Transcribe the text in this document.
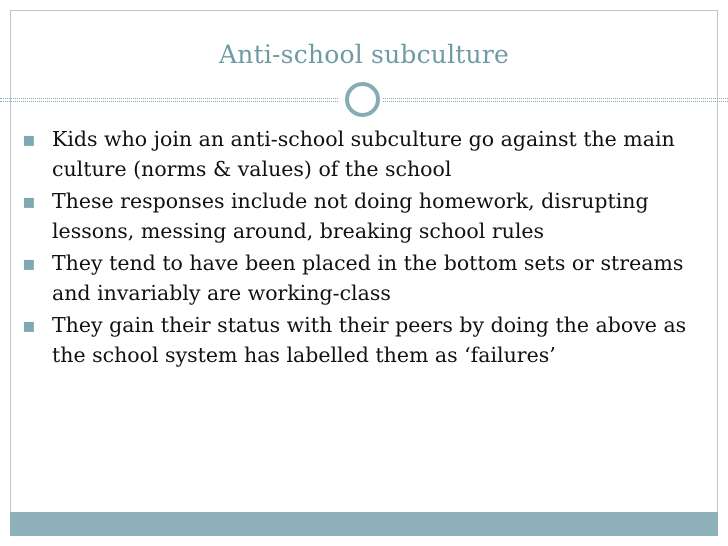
Anti-school subculture
▪ Kids who join an anti-school subculture go against the main culture (norms & values) of the school
▪ These responses include not doing homework, disrupting lessons, messing around, breaking school rules
▪ They tend to have been placed in the bottom sets or streams and invariably are working-class
▪ They gain their status with their peers by doing the above as the school system has labelled them as ‘failures’
